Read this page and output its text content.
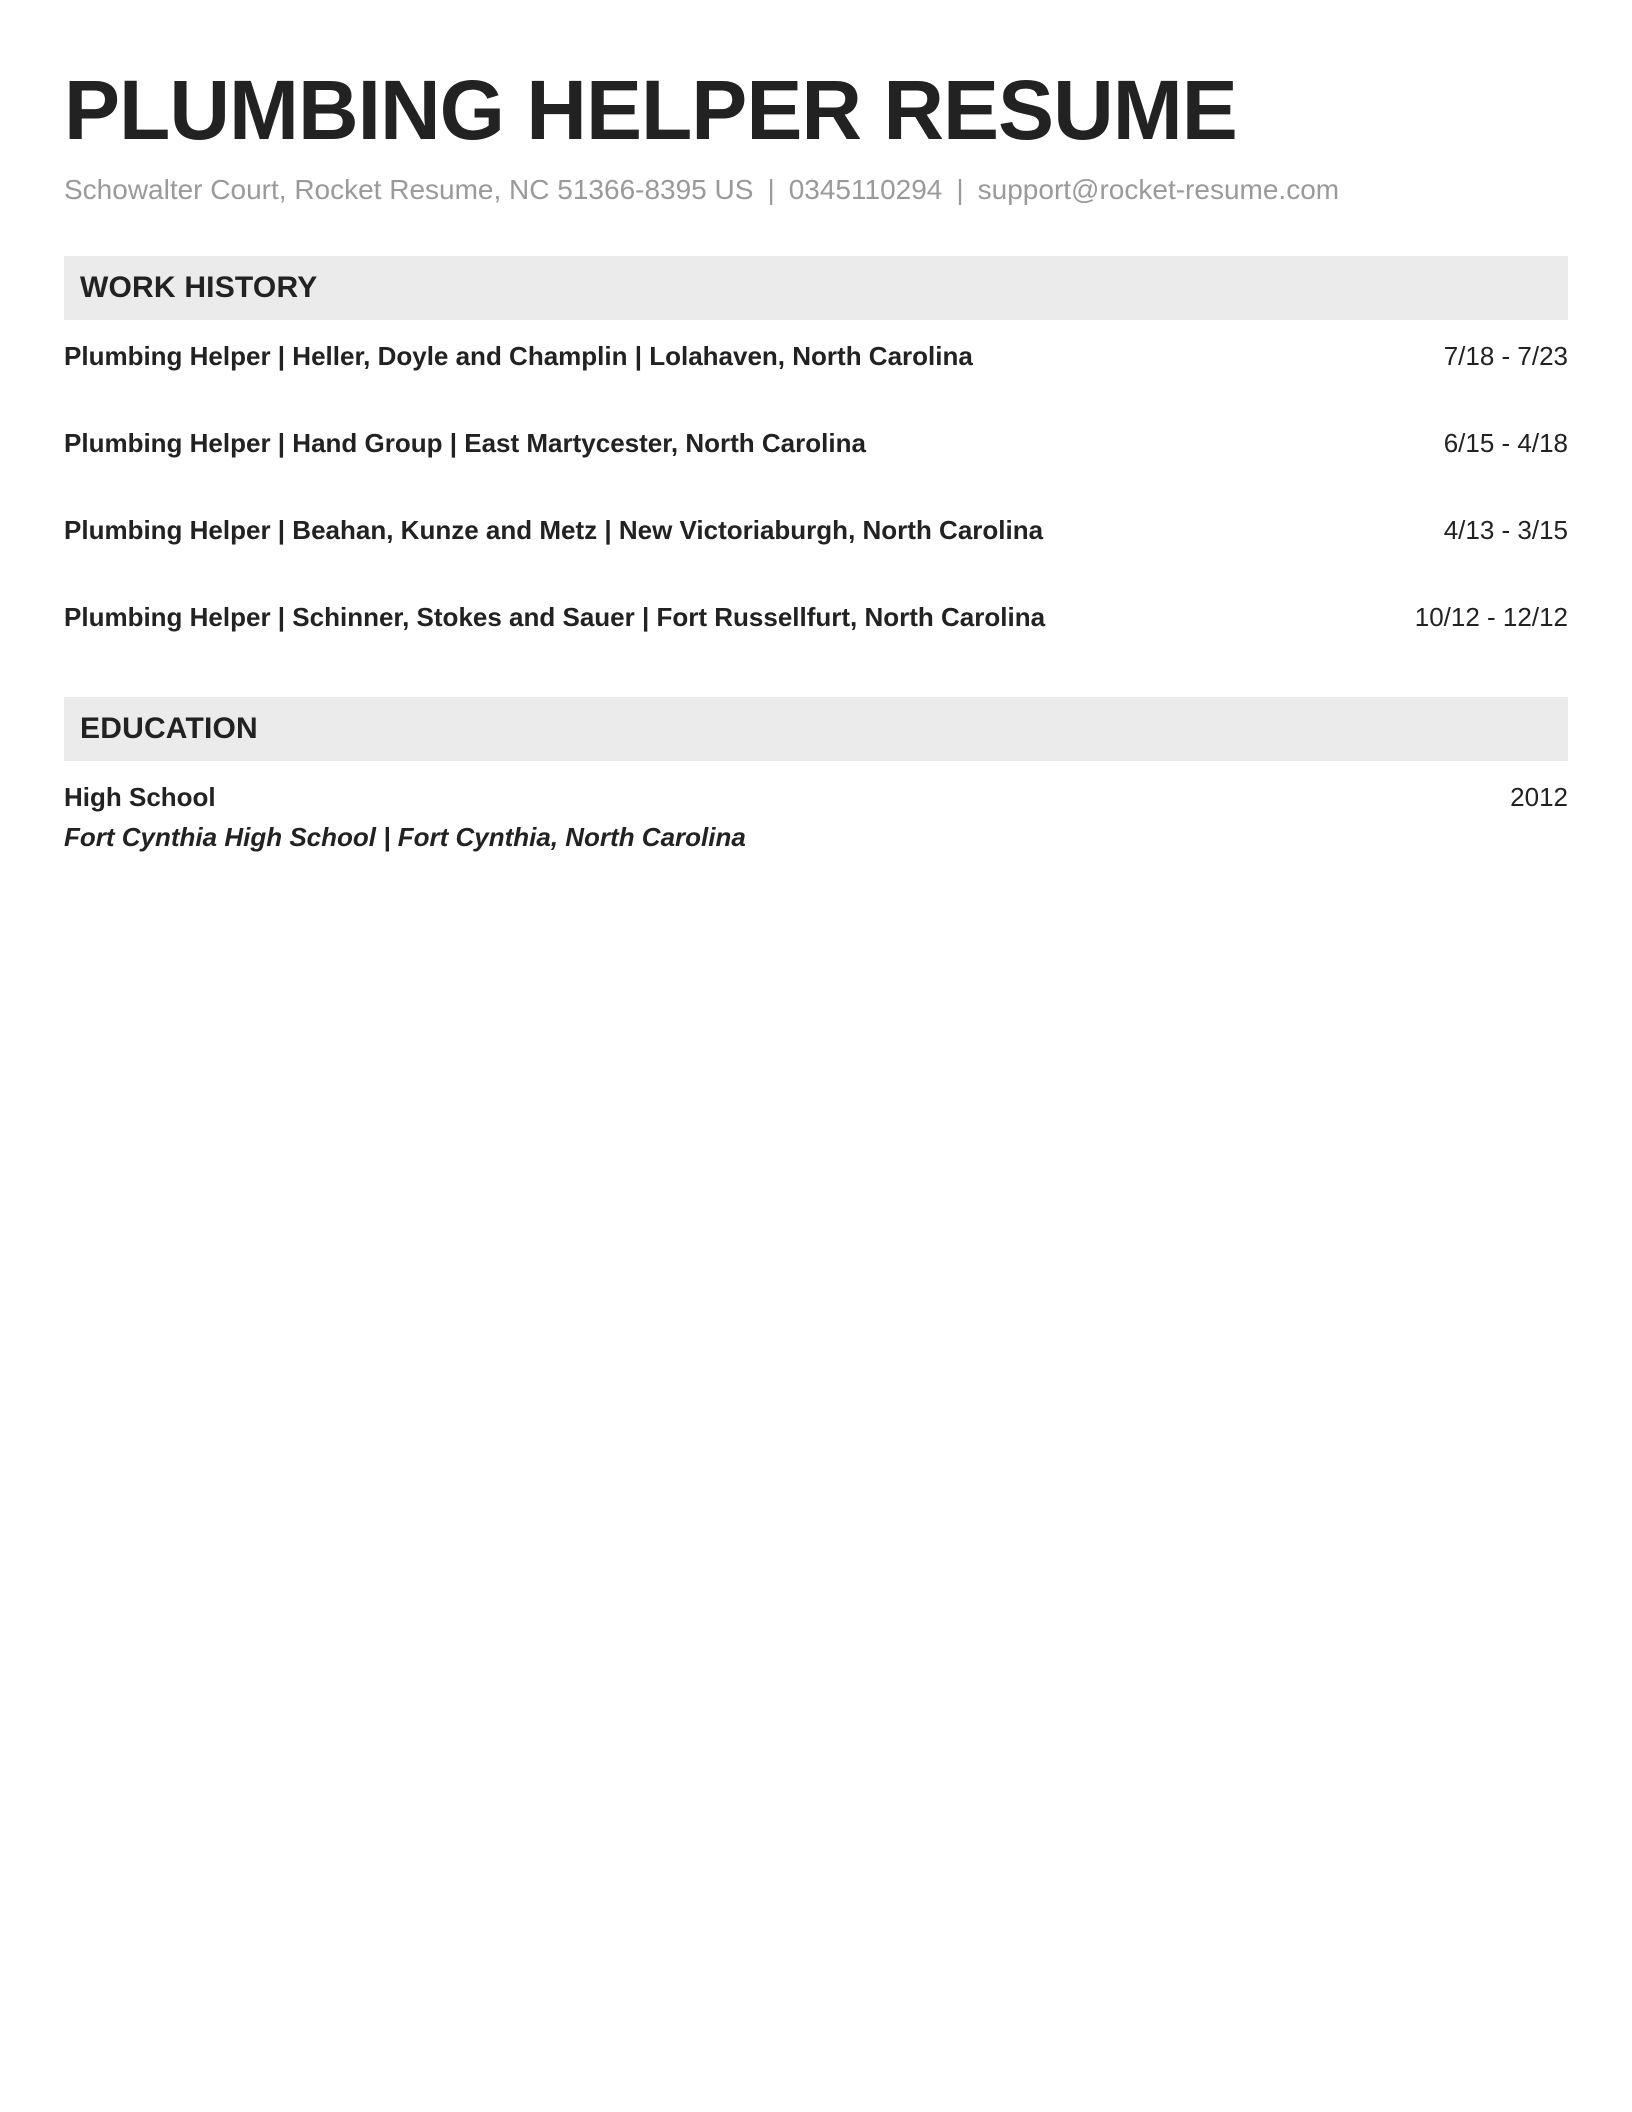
PLUMBING HELPER RESUME
Schowalter Court, Rocket Resume, NC 51366-8395 US | 0345110294 | support@rocket-resume.com
WORK HISTORY
Plumbing Helper | Heller, Doyle and Champlin | Lolahaven, North Carolina	7/18 - 7/23
Plumbing Helper | Hand Group | East Martycester, North Carolina	6/15 - 4/18
Plumbing Helper | Beahan, Kunze and Metz | New Victoriaburgh, North Carolina	4/13 - 3/15
Plumbing Helper | Schinner, Stokes and Sauer | Fort Russellfurt, North Carolina	10/12 - 12/12
EDUCATION
High School	2012
Fort Cynthia High School | Fort Cynthia, North Carolina
